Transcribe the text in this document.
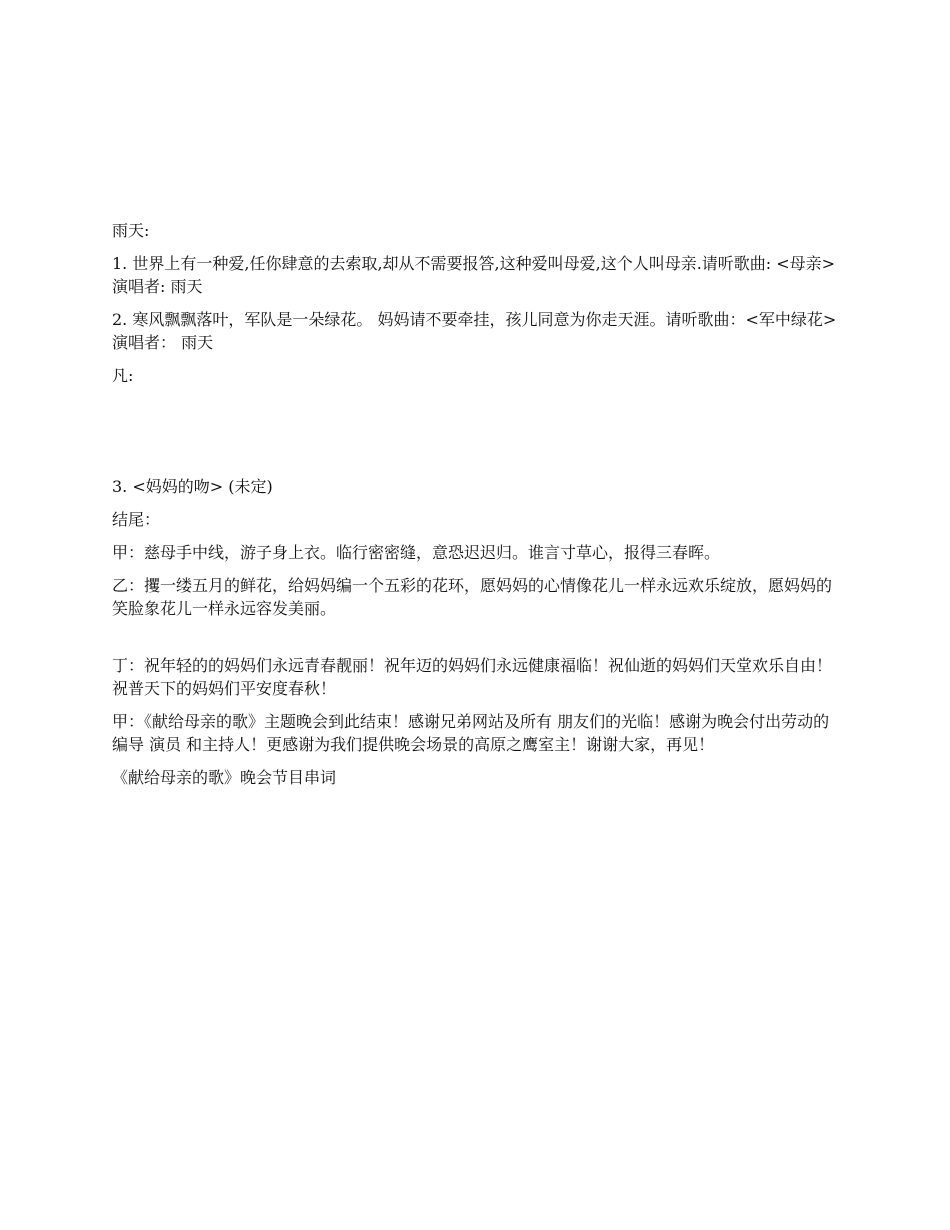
雨天:

1. 世界上有一种爱,任你肆意的去索取,却从不需要报答,这种爱叫母爱,这个人叫母亲.请听歌曲: <母亲> 演唱者: 雨天

2. 寒风飘飘落叶，军队是一朵绿花。 妈妈请不要牵挂，孩儿同意为你走天涯。请听歌曲：<军中绿花> 演唱者： 雨天

凡:

3. <妈妈的吻> (未定)

结尾：

甲：慈母手中线，游子身上衣。临行密密缝，意恐迟迟归。谁言寸草心，报得三春晖。

乙：攫一缕五月的鲜花，给妈妈编一个五彩的花环，愿妈妈的心情像花儿一样永远欢乐绽放，愿妈妈的笑脸象花儿一样永远容发美丽。

丁：祝年轻的的妈妈们永远青春靓丽！祝年迈的妈妈们永远健康福临！祝仙逝的妈妈们天堂欢乐自由！祝普天下的妈妈们平安度春秋！

甲：《献给母亲的歌》主题晚会到此结束！感谢兄弟网站及所有 朋友们的光临！感谢为晚会付出劳动的编导 演员 和主持人！更感谢为我们提供晚会场景的高原之鹰室主！谢谢大家，再见！

《献给母亲的歌》晚会节目串词
